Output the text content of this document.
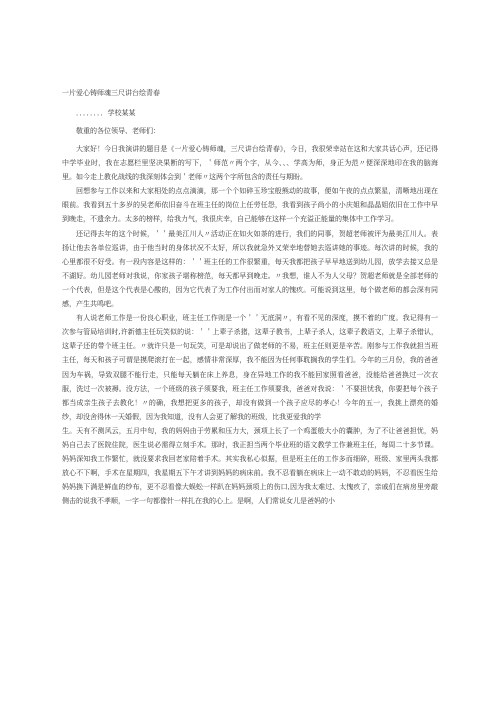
一片爱心铸师魂三尺讲台绘青春
．．．．．．．．学校某某
敬重的各位领导、老师们：

大家好！今日我演讲的题目是《一片爱心铸师魂，三尺讲台绘青春》，今日，我很荣幸站在这和大家共话心声，还记得中学毕业时，我在志愿栏里坚决果断的写下，＇师范〃两个字，从今、、、学高为师，身正为范〃便深深地印在我的脑海里。如今走上教化战线的我深刻体会到＇老师〃这两个字所包含的责任与期盼。

回想参与工作以来和大家相处的点点滴滴，那一个个如碎玉珍宝般熊动的故事，便如午夜的点点繁星，清晰地出现在眼前。我看到五十多岁的吴老师依旧奋斗在班主任的岗位上任劳任怨，我看到孩子尚小的小庆姐和晶晶姐依旧在工作中早到晚走，不遗余力。太多的榜样，给我力气，我很庆幸，自己能够在这样一个充溢正能量的集体中工作学习。

还记得去年的这个时候，＇＇最美江川人〃活动正在如火如荼的进行，我们的同事，贺超老师被评为最美江川人。表扬让他去各单位巡讲，由于他当时的身体状况不太好，所以我就急外又荣幸地替她去巡讲她的事迹。每次讲的时候，我的心里都很不好受。有一段内容是这样的：＇＇班主任的工作很繁重，每天我都把孩子早早地送到幼儿园，放学去接又总是不湖好。幼儿园老师对我说，你家孩子堪称榜范，每天都早到晚走。〃我想，谁人不为人父母？贺超老师就是全部老师的一个代表，但是这个代表是心酸的，因为它代表了为工作付出而对家人的愧疚。可能说到这里，每个做老师的都会深有同感，产生共鸣吧。

有人说老师工作是一份良心职业，班主任工作则是一个＇＇无底洞〃，有看不见的深度，摸不着的广度。我记得有一次参与管局培训时,许新德主任玩笑似的说：＇＇上辈子杀猪，这辈子教书，上辈子杀人，这辈子教语文，上辈子杀错认，这辈子还的带个班主任。〃就许只是一句玩笑，可是却说出了做老师的不易，班主任则更是辛苦。刚参与工作我就担当班主任，每天和孩子可谓是摸爬滚打在一起，感情非常深厚，我不能因为任何事耽搁我的学生们。今年的三月份，我的爸爸因为车祸，导致双腿不能行走，只能每天躺在床上养息，身在异地工作的我不能回家照看爸爸，没能给爸爸换过一次衣服，洗过一次被褥。没方法，一个班级的孩子须要我，班主任工作须要我，爸爸对我说：＇不要担忧我，你要把每个孩子都当成亲生孩子去教化！〃的确，我想把更多的孩子，却没有做到一个孩子应尽的孝心！今年的五一，我挑上漂亮的婚纱，却没舍得休一天婚假，因为我知道，没有人会更了解我的班级，比我更爱我的学

生。天有不测风云，五月中旬，我的妈妈由于劳累和压力大，颈项上长了一个鸡蛋般大小的囊肿，为了不让爸爸担忧，妈妈自己去了医院住院，医生说必需得立刻手术。那时，我正担当两个毕业班的语文教学工作兼班主任，每周二十多节课。妈妈深知我工作繁忙，就没要求我回老家陪着手术。其实我私心似据，但是班主任的工作多而细碎，班级、家里两头我都放心不下啊，手术在星期四，我星期五下午才讲到妈妈的病床前。我不忍看躺在病床上一动不敢动的妈妈，不忍看医生给妈妈换下满是鲜血的纱布，更不忍看像大蜈蚣一样趴在妈妈颈项上的伤口,因为我太难过、太愧疚了，亲戚们在病房里旁敲侧击的说我不孝顺，一字一句都像针一样扎在我的心上。是啊，人们常说女儿是爸妈的小
